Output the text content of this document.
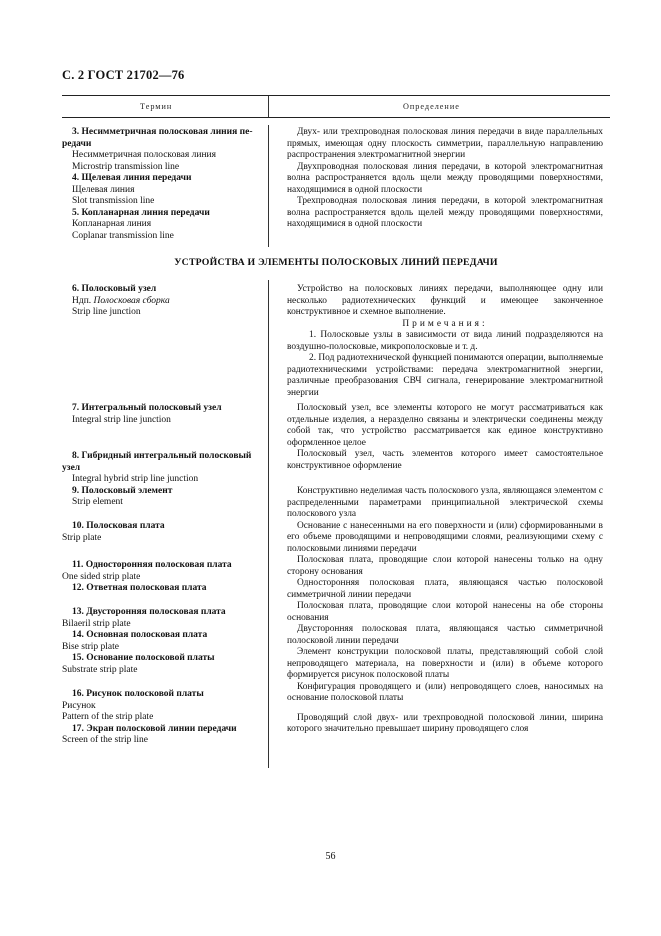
С. 2 ГОСТ 21702—76
Термин	Определение
3. Несимметричная полосковая линия пе-
редачи
Несимметричная полосковая линия
Microstrip transmission line
4. Щелевая линия передачи
Щелевая линия
Slot transmission line
5. Копланарная линия передачи
Копланарная линия
Coplanar transmission line
Двух- или трехпроводная полосковая линия передачи в виде параллельных прямых, имеющая одну плоскость симметрии, параллельную направлению распространения электромагнитной энергии
Двухпроводная полосковая линия передачи, в которой электромагнитная волна распространяется вдоль щели между проводящими поверхностями, находящимися в одной плоскости
Трехпроводная полосковая линия передачи, в которой электромагнитная волна распространяется вдоль щелей между проводящими поверхностями, находящимися в одной плоскости
УСТРОЙСТВА И ЭЛЕМЕНТЫ ПОЛОСКОВЫХ ЛИНИЙ ПЕРЕДАЧИ
6. Полосковый узел
Ндп. Полосковая сборка
Strip line junction
Устройство на полосковых линиях передачи, выполняющее одну или несколько радиотехнических функций и имеющее законченное конструктивное и схемное выполнение.
Примечания:
1. Полосковые узлы в зависимости от вида линий подразделяются на воздушно-полосковые, микрополосковые и т. д.
2. Под радиотехнической функцией понимаются операции, выполняемые радиотехническими устройствами: передача электромагнитной энергии, различные преобразования СВЧ сигнала, генерирование электромагнитной энергии
7. Интегральный полосковый узел
Integral strip line junction
Полосковый узел, все элементы которого не могут рассматриваться как отдельные изделия, а неразделно связаны и электрически соединены между собой так, что устройство рассматривается как единое конструктивно оформленное целое
Полосковый узел, часть элементов которого имеет самостоятельное конструктивное оформление
8. Гибридный интегральный полосковый
узел
Integral hybrid strip line junction
9. Полосковый элемент
Strip element
Конструктивно неделимая часть полоскового узла, являющаяся элементом с распределенными параметрами принципиальной электрической схемы полоскового узла
Основание с нанесенными на его поверхности и (или) сформированными в его объеме проводящими и непроводящими слоями, реализующими схему с полосковыми линиями передачи
Полосковая плата, проводящие слои которой нанесены только на одну сторону основания
Односторонняя полосковая плата, являющаяся частью полосковой симметричной линии передачи
Полосковая плата, проводящие слои которой нанесены на обе стороны основания
Двусторонняя полосковая плата, являющаяся частью симметричной полосковой линии передачи
Элемент конструкции полосковой платы, представляющий собой слой непроводящего материала, на поверхности и (или) в объеме которого формируется рисунок полосковой платы
Конфигурация проводящего и (или) непроводящего слоев, наносимых на основание полосковой платы
Проводящий слой двух- или трехпроводной полосковой линии, ширина которого значительно превышает ширину проводящего слоя
10. Полосковая плата
Strip plate
11. Односторонняя полосковая плата
One sided strip plate
12. Ответная полосковая плата
13. Двусторонняя полосковая плата
Bilaeril strip plate
14. Основная полосковая плата
Bise strip plate
15. Основание полосковой платы
Substrate strip plate
16. Рисунок полосковой платы
Рисунок
Pattern of the strip plate
17. Экран полосковой линии передачи
Screen of the strip line
56
